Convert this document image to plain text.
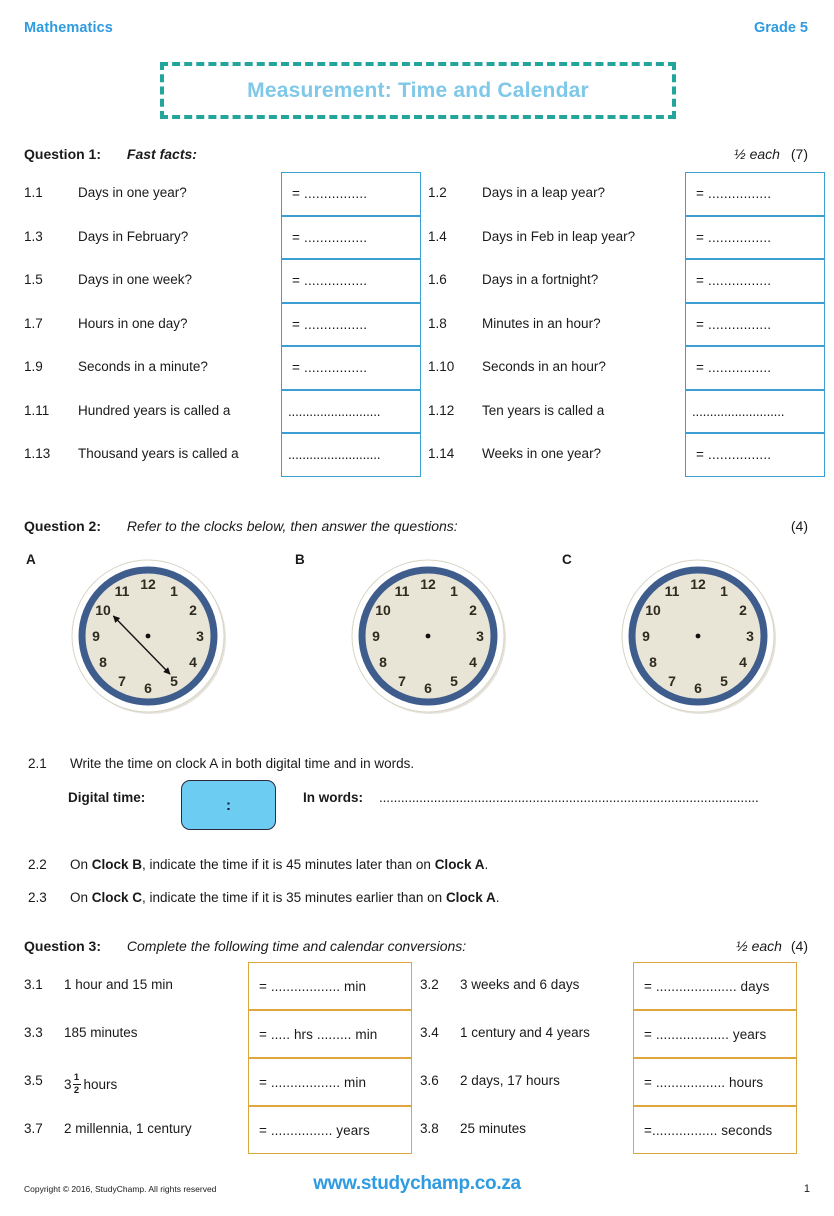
Mathematics	Grade 5
Measurement: Time and Calendar
Question 1: Fast facts:	½ each (7)
1.1	Days in one year?	= ................	1.2	Days in a leap year?	= ................
1.3	Days in February?	= ................	1.4	Days in Feb in leap year?	= ................
1.5	Days in one week?	= ................	1.6	Days in a fortnight?	= ................
1.7	Hours in one day?	= ................	1.8	Minutes in an hour?	= ................
1.9	Seconds in a minute?	= ................	1.10	Seconds in an hour?	= ................
1.11	Hundred years is called a	..........................	1.12	Ten years is called a	..........................
1.13	Thousand years is called a	..........................	1.14	Weeks in one year?	= ................
Question 2: Refer to the clocks below, then answer the questions:	(4)
A	B	C
12 1
2
3
4
5
6
7
8
9
10
11	12 1
2
3
4
5
6
7
8
9
10
11	12 1
2
3
4
5
6
7
8
9
10
11
2.1	Write the time on clock A in both digital time and in words.
Digital time:	:	In words: ........................................................................................................
2.2	On Clock B, indicate the time if it is 45 minutes later than on Clock A.
2.3	On Clock C, indicate the time if it is 35 minutes earlier than on Clock A.
Question 3: Complete the following time and calendar conversions:	½ each (4)
3.1	1 hour and 15 min	= .................. min	3.2	3 weeks and 6 days	= ..................... days
3.3	185 minutes	= ..... hrs ......... min	3.4	1 century and 4 years	= ................... years
3.5	$3 \frac{1}{2}$ hours	= .................. min	3.6	2 days, 17 hours	= .................. hours
3.7	2 millennia, 1 century	= ................ years	3.8	25 minutes	=................. seconds
Copyright © 2016, StudyChamp. All rights reserved	www.studychamp.co.za	1
